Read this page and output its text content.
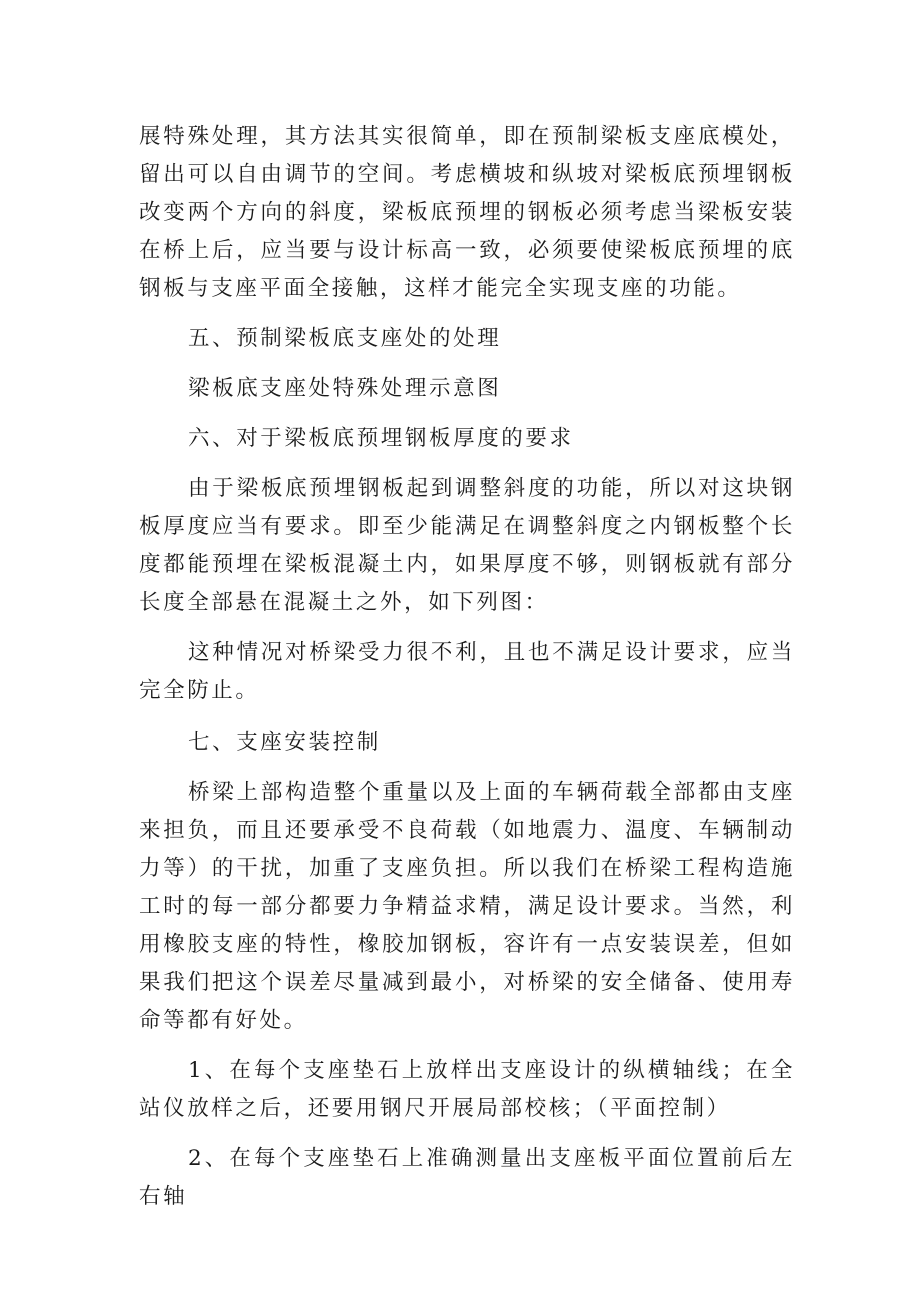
展特殊处理，其方法其实很简单，即在预制梁板支座底模处，留出可以自由调节的空间。考虑横坡和纵坡对梁板底预埋钢板改变两个方向的斜度，梁板底预埋的钢板必须考虑当梁板安装在桥上后，应当要与设计标高一致，必须要使梁板底预埋的底钢板与支座平面全接触，这样才能完全实现支座的功能。

五、预制梁板底支座处的处理

梁板底支座处特殊处理示意图

六、对于梁板底预埋钢板厚度的要求

由于梁板底预埋钢板起到调整斜度的功能，所以对这块钢板厚度应当有要求。即至少能满足在调整斜度之内钢板整个长度都能预埋在梁板混凝土内，如果厚度不够，则钢板就有部分长度全部悬在混凝土之外，如下列图：

这种情况对桥梁受力很不利，且也不满足设计要求，应当完全防止。

七、支座安装控制

桥梁上部构造整个重量以及上面的车辆荷载全部都由支座来担负，而且还要承受不良荷载（如地震力、温度、车辆制动力等）的干扰，加重了支座负担。所以我们在桥梁工程构造施工时的每一部分都要力争精益求精，满足设计要求。当然，利用橡胶支座的特性，橡胶加钢板，容许有一点安装误差，但如果我们把这个误差尽量减到最小，对桥梁的安全储备、使用寿命等都有好处。

1、在每个支座垫石上放样出支座设计的纵横轴线；在全站仪放样之后，还要用钢尺开展局部校核；（平面控制）

2、在每个支座垫石上准确测量出支座板平面位置前后左右轴
